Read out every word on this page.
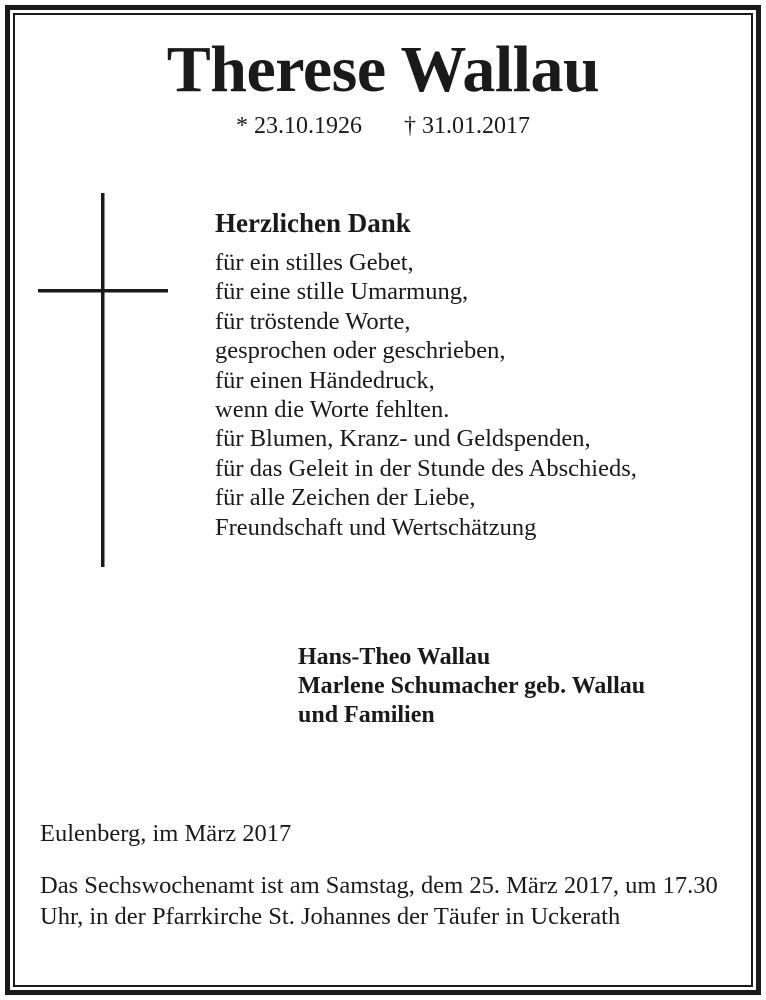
Therese Wallau
* 23.10.1926 † 31.01.2017
Herzlichen Dank
für ein stilles Gebet,
für eine stille Umarmung,
für tröstende Worte,
gesprochen oder geschrieben,
für einen Händedruck,
wenn die Worte fehlten.
für Blumen, Kranz- und Geldspenden,
für das Geleit in der Stunde des Abschieds,
für alle Zeichen der Liebe,
Freundschaft und Wertschätzung
Hans-Theo Wallau
Marlene Schumacher geb. Wallau
und Familien
Eulenberg, im März 2017
Das Sechswochenamt ist am Samstag, dem 25. März 2017, um 17.30 Uhr, in der Pfarrkirche St. Johannes der Täufer in Uckerath
